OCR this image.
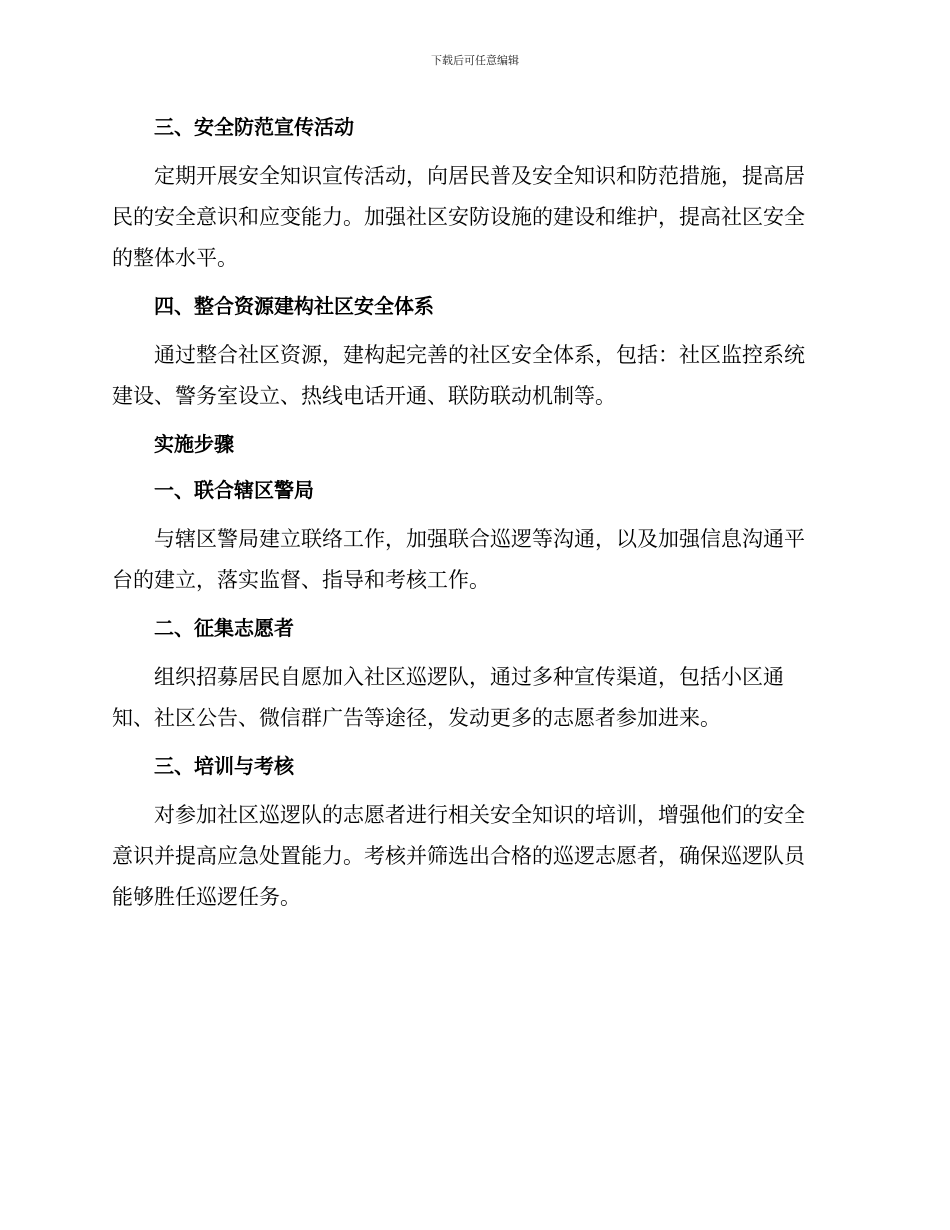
下载后可任意编辑
三、安全防范宣传活动
定期开展安全知识宣传活动，向居民普及安全知识和防范措施，提高居
民的安全意识和应变能力。加强社区安防设施的建设和维护，提高社区安全
的整体水平。
四、整合资源建构社区安全体系
通过整合社区资源，建构起完善的社区安全体系，包括：社区监控系统
建设、警务室设立、热线电话开通、联防联动机制等。
实施步骤
一、联合辖区警局
与辖区警局建立联络工作，加强联合巡逻等沟通，以及加强信息沟通平
台的建立，落实监督、指导和考核工作。
二、征集志愿者
组织招募居民自愿加入社区巡逻队，通过多种宣传渠道，包括小区通
知、社区公告、微信群广告等途径，发动更多的志愿者参加进来。
三、培训与考核
对参加社区巡逻队的志愿者进行相关安全知识的培训，增强他们的安全
意识并提高应急处置能力。考核并筛选出合格的巡逻志愿者，确保巡逻队员
能够胜任巡逻任务。
